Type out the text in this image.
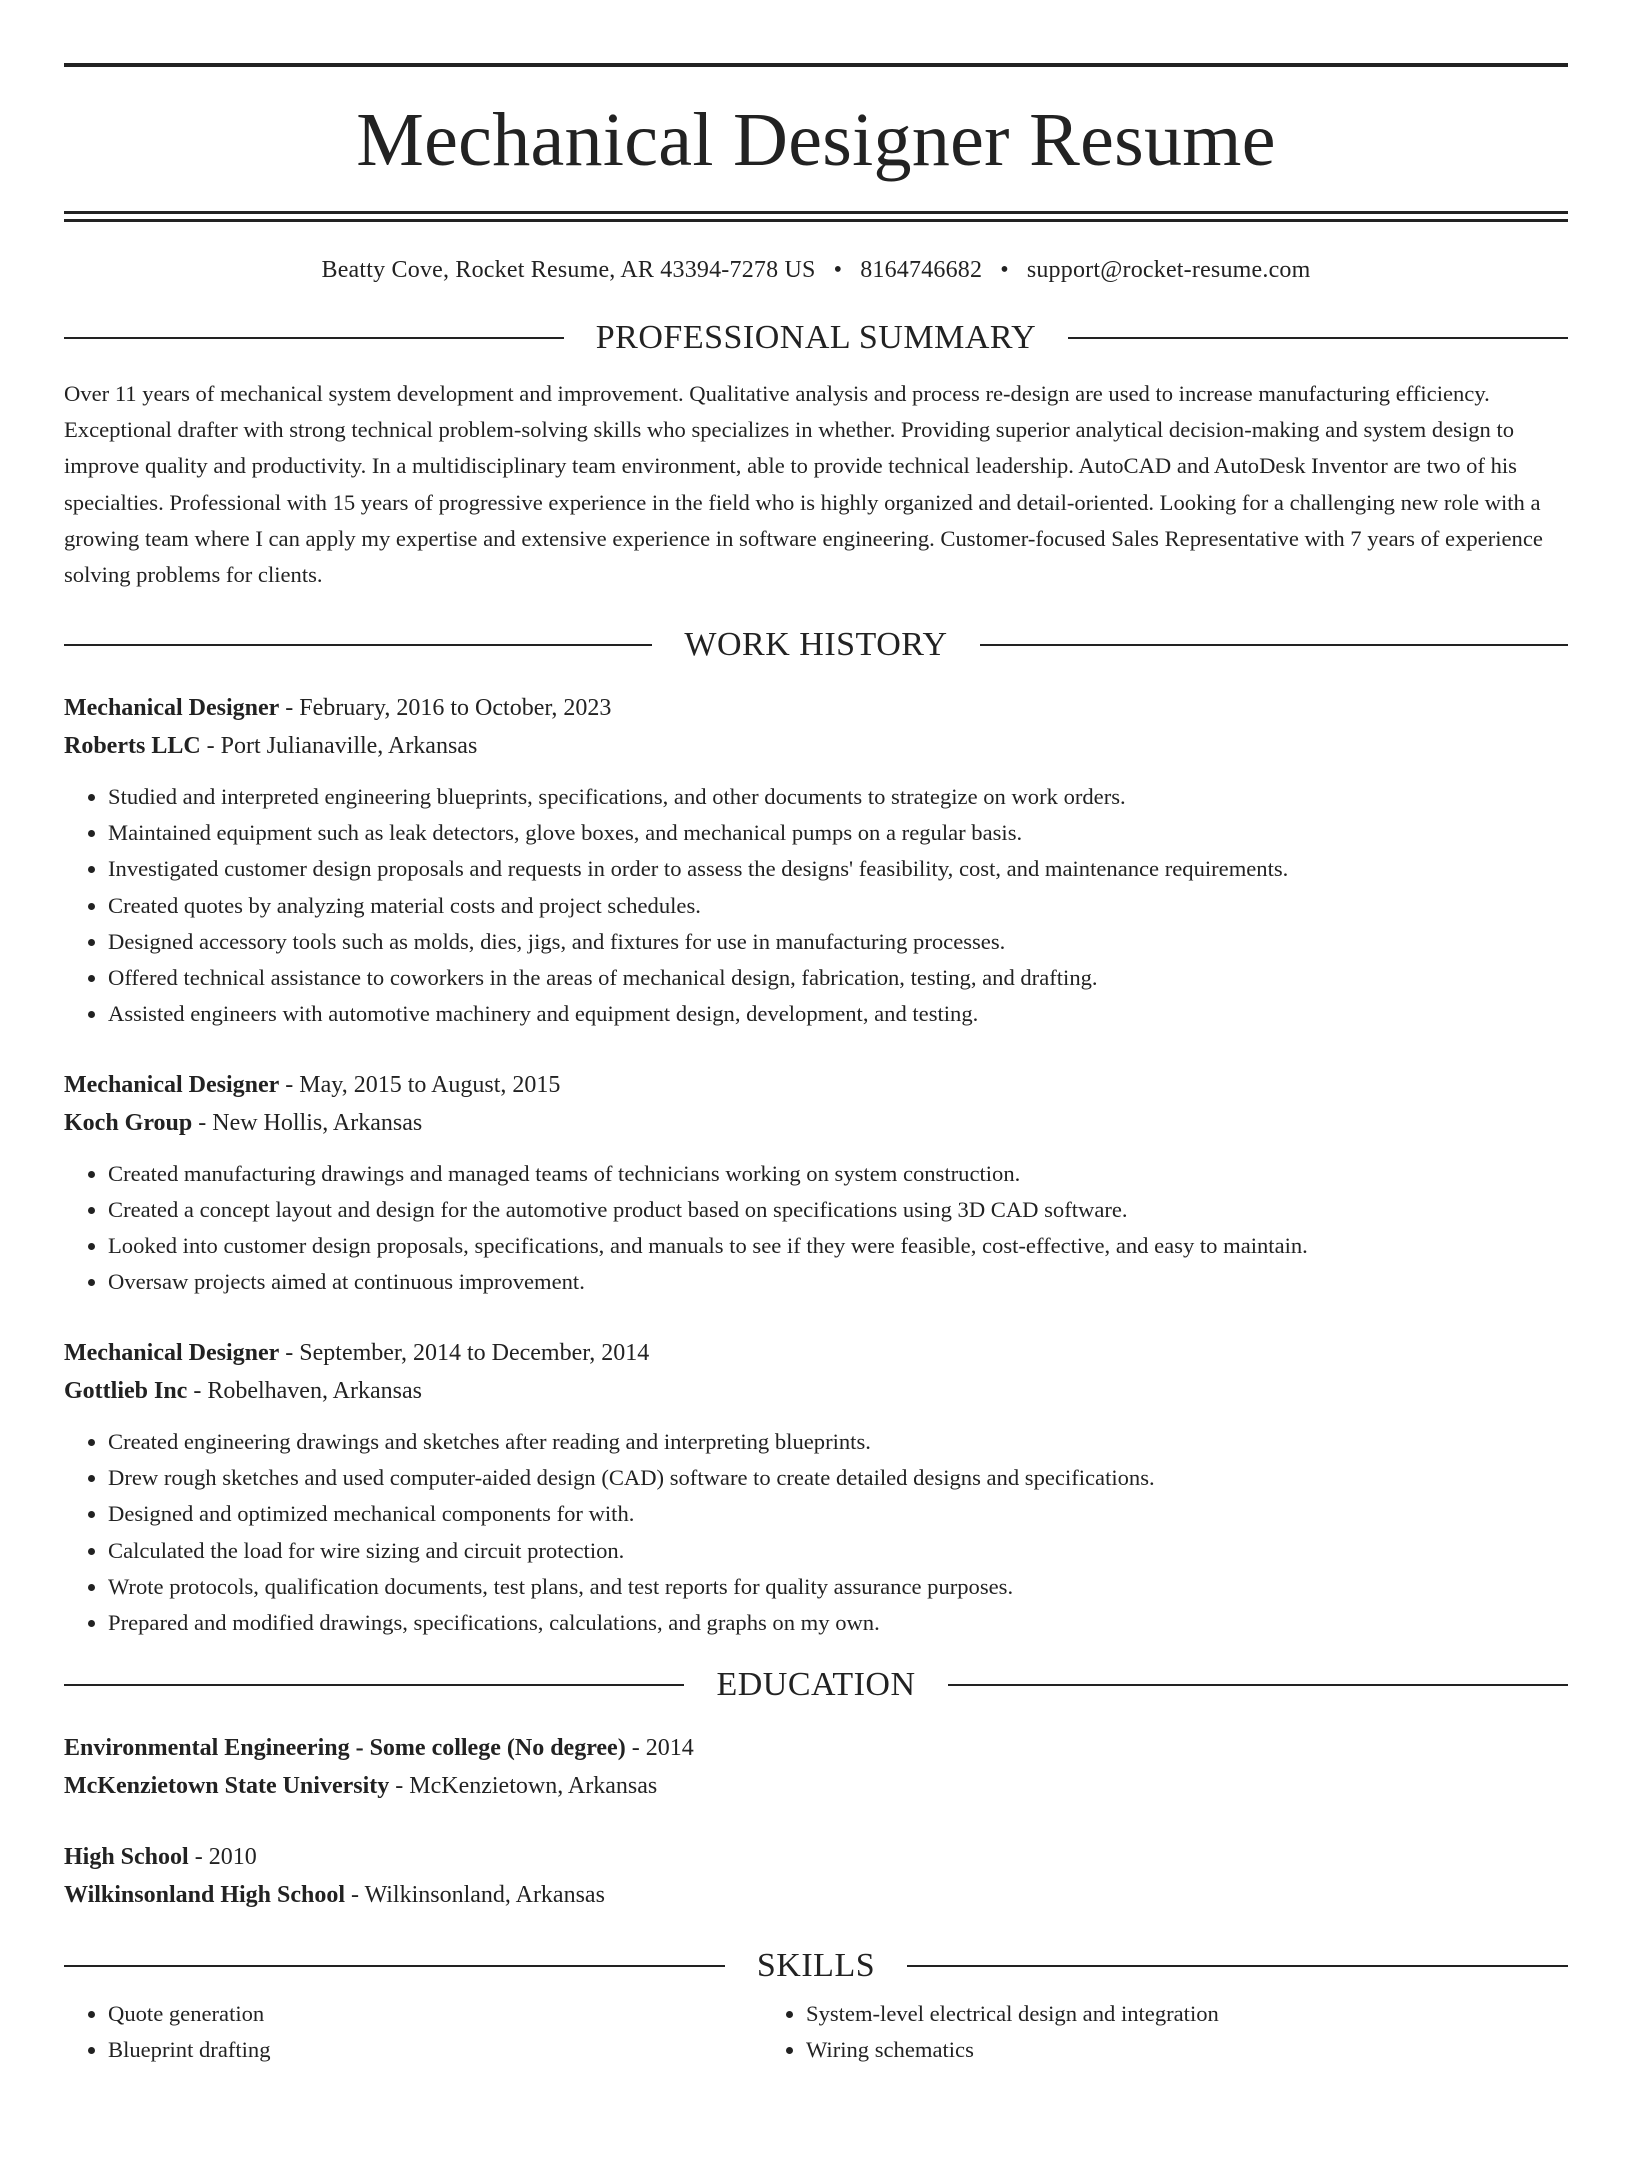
Mechanical Designer Resume
Beatty Cove, Rocket Resume, AR 43394-7278 US • 8164746682 • support@rocket-resume.com
PROFESSIONAL SUMMARY

Over 11 years of mechanical system development and improvement. Qualitative analysis and process re-design are used to increase manufacturing efficiency. Exceptional drafter with strong technical problem-solving skills who specializes in whether. Providing superior analytical decision-making and system design to improve quality and productivity. In a multidisciplinary team environment, able to provide technical leadership. AutoCAD and AutoDesk Inventor are two of his specialties. Professional with 15 years of progressive experience in the field who is highly organized and detail-oriented. Looking for a challenging new role with a growing team where I can apply my expertise and extensive experience in software engineering. Customer-focused Sales Representative with 7 years of experience solving problems for clients.

WORK HISTORY
Mechanical Designer - February, 2016 to October, 2023
Roberts LLC - Port Julianaville, Arkansas
• Studied and interpreted engineering blueprints, specifications, and other documents to strategize on work orders.
• Maintained equipment such as leak detectors, glove boxes, and mechanical pumps on a regular basis.
• Investigated customer design proposals and requests in order to assess the designs' feasibility, cost, and maintenance requirements.
• Created quotes by analyzing material costs and project schedules.
• Designed accessory tools such as molds, dies, jigs, and fixtures for use in manufacturing processes.
• Offered technical assistance to coworkers in the areas of mechanical design, fabrication, testing, and drafting.
• Assisted engineers with automotive machinery and equipment design, development, and testing.
Mechanical Designer - May, 2015 to August, 2015
Koch Group - New Hollis, Arkansas
• Created manufacturing drawings and managed teams of technicians working on system construction.
• Created a concept layout and design for the automotive product based on specifications using 3D CAD software.
• Looked into customer design proposals, specifications, and manuals to see if they were feasible, cost-effective, and easy to maintain.
• Oversaw projects aimed at continuous improvement.
Mechanical Designer - September, 2014 to December, 2014
Gottlieb Inc - Robelhaven, Arkansas
• Created engineering drawings and sketches after reading and interpreting blueprints.
• Drew rough sketches and used computer-aided design (CAD) software to create detailed designs and specifications.
• Designed and optimized mechanical components for with.
• Calculated the load for wire sizing and circuit protection.
• Wrote protocols, qualification documents, test plans, and test reports for quality assurance purposes.
• Prepared and modified drawings, specifications, calculations, and graphs on my own.
EDUCATION
Environmental Engineering - Some college (No degree) - 2014
McKenzietown State University - McKenzietown, Arkansas
High School - 2010
Wilkinsonland High School - Wilkinsonland, Arkansas
SKILLS
• Quote generation
• Blueprint drafting
• System-level electrical design and integration
• Wiring schematics
